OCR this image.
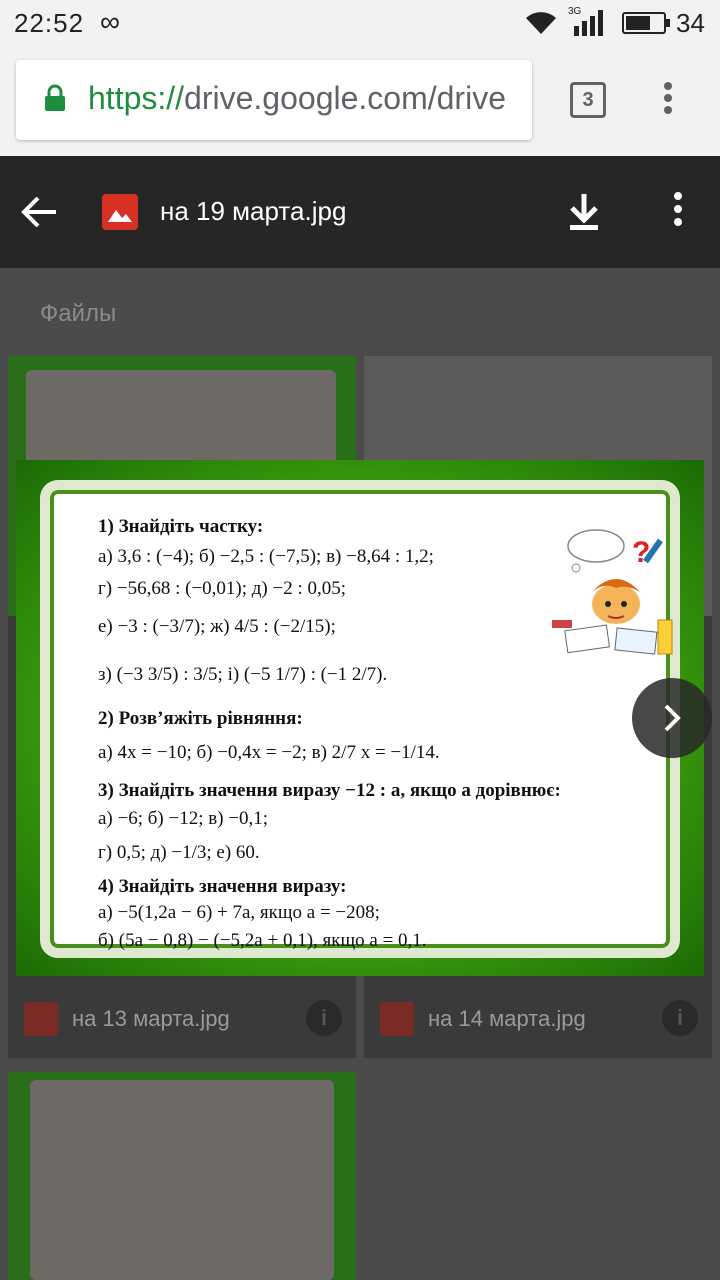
22:52 ∞	3G	34
https://drive.google.com/drive	3
Файлы
на 13 марта.jpg	i	на 14 марта.jpg	i
на 19 марта.jpg
?
1) Знайдіть частку:
а) 3,6 : (−4); б) −2,5 : (−7,5); в) −8,64 : 1,2;
г) −56,68 : (−0,01); д) −2 : 0,05;
е) −3 : (−3/7); ж) 4/5 : (−2/15);
з) (−3 3/5) : 3/5; і) (−5 1/7) : (−1 2/7).
2) Розв’яжіть рівняння:
а) 4x = −10; б) −0,4x = −2; в) 2/7 x = −1/14.
3) Знайдіть значення виразу −12 : a, якщо a дорівнює:
а) −6; б) −12; в) −0,1;
г) 0,5; д) −1/3; е) 60.
4) Знайдіть значення виразу:
а) −5(1,2a − 6) + 7a, якщо a = −208;
б) (5a − 0,8) − (−5,2a + 0,1), якщо a = 0,1.
